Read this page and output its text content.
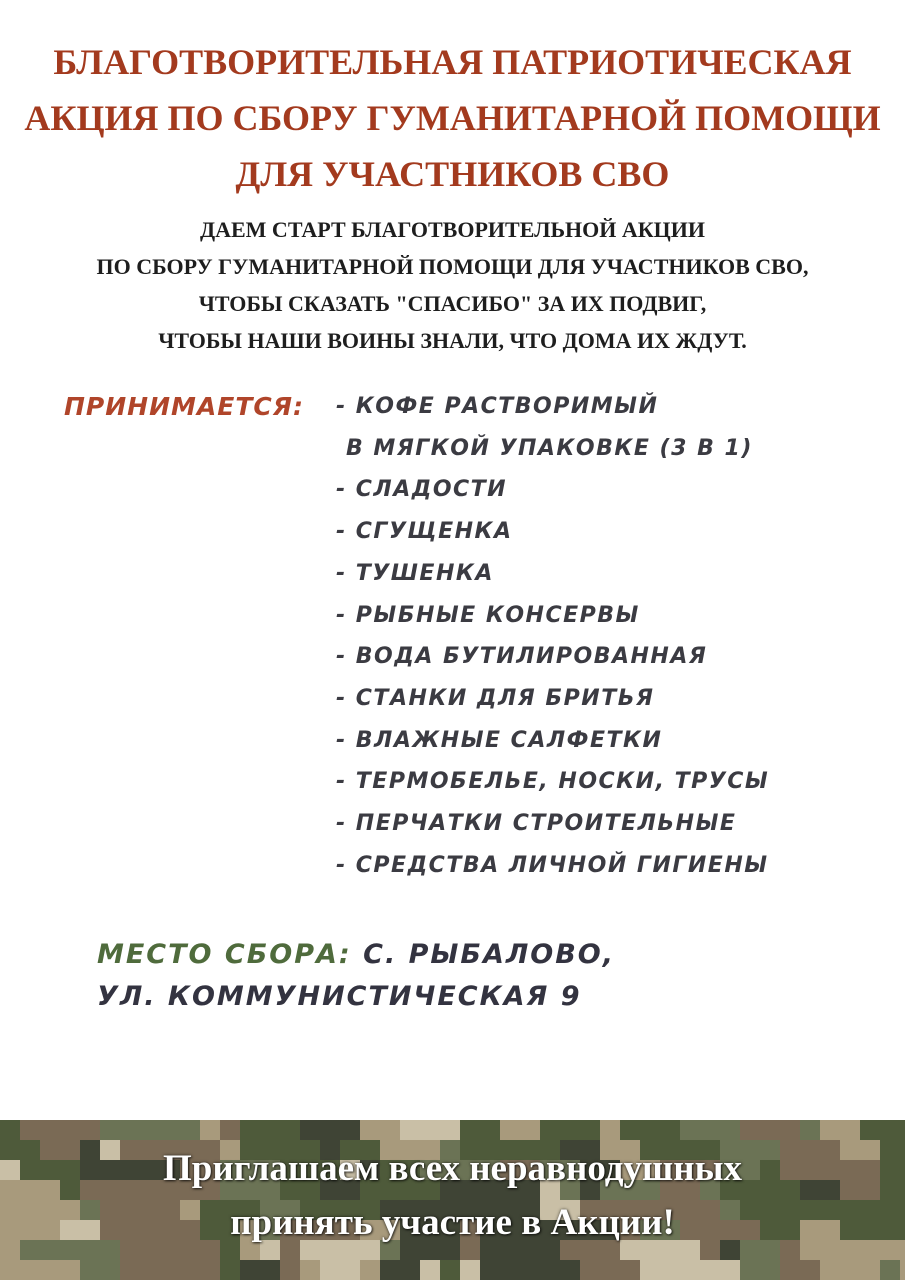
БЛАГОТВОРИТЕЛЬНАЯ ПАТРИОТИЧЕСКАЯ
АКЦИЯ ПО СБОРУ ГУМАНИТАРНОЙ ПОМОЩИ
ДЛЯ УЧАСТНИКОВ СВО
ДАЕМ СТАРТ БЛАГОТВОРИТЕЛЬНОЙ АКЦИИ
ПО СБОРУ ГУМАНИТАРНОЙ ПОМОЩИ ДЛЯ УЧАСТНИКОВ СВО,
ЧТОБЫ СКАЗАТЬ "СПАСИБО" ЗА ИХ ПОДВИГ,
ЧТОБЫ НАШИ ВОИНЫ ЗНАЛИ, ЧТО ДОМА ИХ ЖДУТ.
ПРИНИМАЕТСЯ: - КОФЕ РАСТВОРИМЫЙ
В МЯГКОЙ УПАКОВКЕ (3 В 1)
- СЛАДОСТИ
- СГУЩЕНКА
- ТУШЕНКА
- РЫБНЫЕ КОНСЕРВЫ
- ВОДА БУТИЛИРОВАННАЯ
- СТАНКИ ДЛЯ БРИТЬЯ
- ВЛАЖНЫЕ САЛФЕТКИ
- ТЕРМОБЕЛЬЕ, НОСКИ, ТРУСЫ
- ПЕРЧАТКИ СТРОИТЕЛЬНЫЕ
- СРЕДСТВА ЛИЧНОЙ ГИГИЕНЫ
МЕСТО СБОРА: С. РЫБАЛОВО,
УЛ. КОММУНИСТИЧЕСКАЯ 9
Приглашаем всех неравнодушных
принять участие в Акции!
